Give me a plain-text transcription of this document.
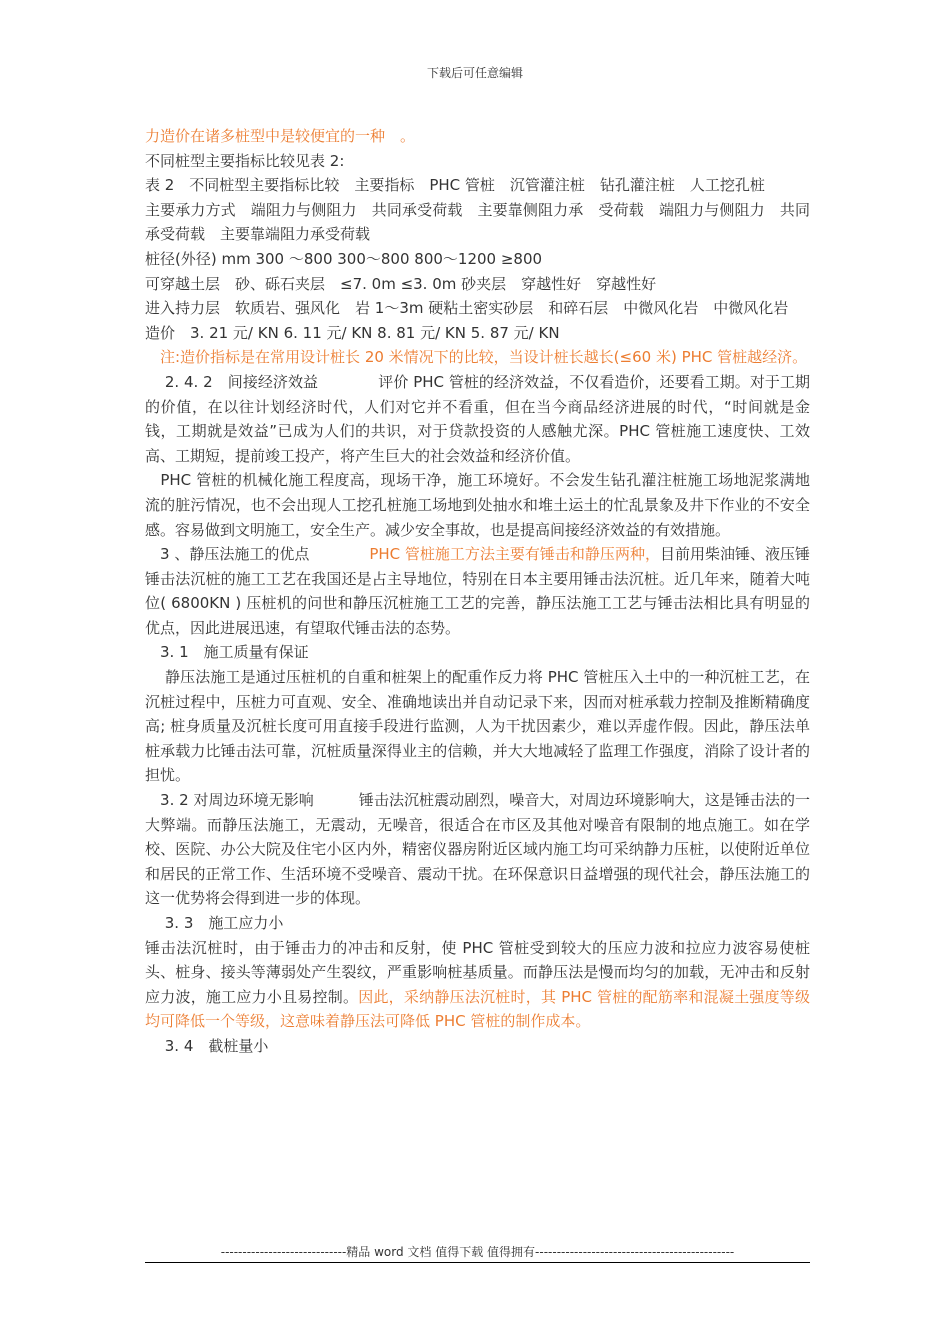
下载后可任意编辑

力造价在诸多桩型中是较便宜的一种　。

不同桩型主要指标比较见表 2:

表 2　不同桩型主要指标比较　主要指标　PHC 管桩　沉管灌注桩　钻孔灌注桩　人工挖孔桩

主要承力方式　端阻力与侧阻力　共同承受荷载　主要靠侧阻力承　受荷载　端阻力与侧阻力　共同承受荷载　主要靠端阻力承受荷载

桩径(外径) mm 300 ～800 300～800 800～1200 ≥800

可穿越土层　砂、砾石夹层　≤7. 0m ≤3. 0m 砂夹层　穿越性好　穿越性好

进入持力层　软质岩、强风化　岩 1～3m 硬粘土密实砂层　和碎石层　中微风化岩　中微风化岩

造价　3. 21 元/ KN 6. 11 元/ KN 8. 81 元/ KN 5. 87 元/ KN

　注:造价指标是在常用设计桩长 20 米情况下的比较，当设计桩长越长(≤60 米) PHC 管桩越经济。

　 2. 4. 2　间接经济效益　　　　评价 PHC 管桩的经济效益，不仅看造价，还要看工期。对于工期的价值，在以往计划经济时代，人们对它并不看重，但在当今商品经济进展的时代，“时间就是金钱，工期就是效益”已成为人们的共识，对于贷款投资的人感触尤深。PHC 管桩施工速度快、工效高、工期短，提前竣工投产，将产生巨大的社会效益和经济价值。

　PHC 管桩的机械化施工程度高，现场干净，施工环境好。不会发生钻孔灌注桩施工场地泥浆满地流的脏污情况，也不会出现人工挖孔桩施工场地到处抽水和堆土运土的忙乱景象及井下作业的不安全感。容易做到文明施工，安全生产。减少安全事故，也是提高间接经济效益的有效措施。

　3 、静压法施工的优点　　　　PHC 管桩施工方法主要有锤击和静压两种，目前用柴油锤、液压锤锤击法沉桩的施工工艺在我国还是占主导地位，特别在日本主要用锤击法沉桩。近几年来，随着大吨位( 6800KN ) 压桩机的问世和静压沉桩施工工艺的完善，静压法施工工艺与锤击法相比具有明显的优点，因此进展迅速，有望取代锤击法的态势。

　3. 1　施工质量有保证

　 静压法施工是通过压桩机的自重和桩架上的配重作反力将 PHC 管桩压入土中的一种沉桩工艺，在沉桩过程中，压桩力可直观、安全、准确地读出并自动记录下来，因而对桩承载力控制及推断精确度高; 桩身质量及沉桩长度可用直接手段进行监测，人为干扰因素少，难以弄虚作假。因此，静压法单桩承载力比锤击法可靠，沉桩质量深得业主的信赖，并大大地减轻了监理工作强度，消除了设计者的担忧。

　3. 2 对周边环境无影响　　　锤击法沉桩震动剧烈，噪音大，对周边环境影响大，这是锤击法的一大弊端。而静压法施工，无震动，无噪音，很适合在市区及其他对噪音有限制的地点施工。如在学校、医院、办公大院及住宅小区内外，精密仪器房附近区域内施工均可采纳静力压桩，以使附近单位和居民的正常工作、生活环境不受噪音、震动干扰。在环保意识日益增强的现代社会，静压法施工的这一优势将会得到进一步的体现。

　 3. 3　施工应力小

锤击法沉桩时，由于锤击力的冲击和反射，使 PHC 管桩受到较大的压应力波和拉应力波容易使桩头、桩身、接头等薄弱处产生裂纹，严重影响桩基质量。而静压法是慢而均匀的加载，无冲击和反射应力波，施工应力小且易控制。因此，采纳静压法沉桩时，其 PHC 管桩的配筋率和混凝土强度等级均可降低一个等级，这意味着静压法可降低 PHC 管桩的制作成本。

　 3. 4　截桩量小

-----------------------------精品 word 文档 值得下载 值得拥有----------------------------------------------
